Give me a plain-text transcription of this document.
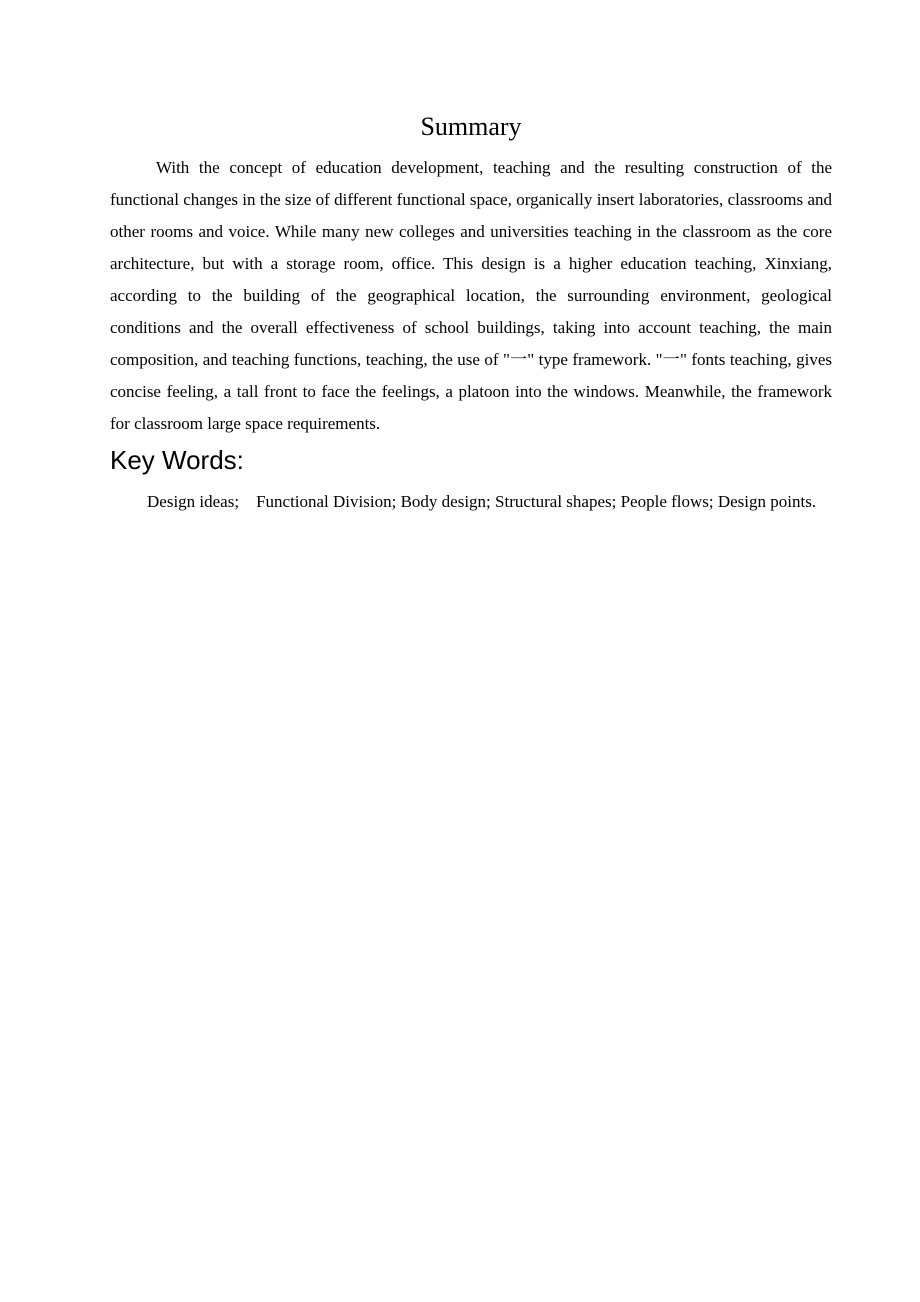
Summary

With the concept of education development, teaching and the resulting construction of the functional changes in the size of different functional space, organically insert laboratories, classrooms and other rooms and voice. While many new colleges and universities teaching in the classroom as the core architecture, but with a storage room, office. This design is a higher education teaching, Xinxiang, according to the building of the geographical location, the surrounding environment, geological conditions and the overall effectiveness of school buildings, taking into account teaching, the main composition, and teaching functions, teaching, the use of "一" type framework. "一" fonts teaching, gives concise feeling, a tall front to face the feelings, a platoon into the windows. Meanwhile, the framework for classroom large space requirements.

Key Words:

Design ideas;    Functional Division; Body design; Structural shapes; People flows; Design points.
